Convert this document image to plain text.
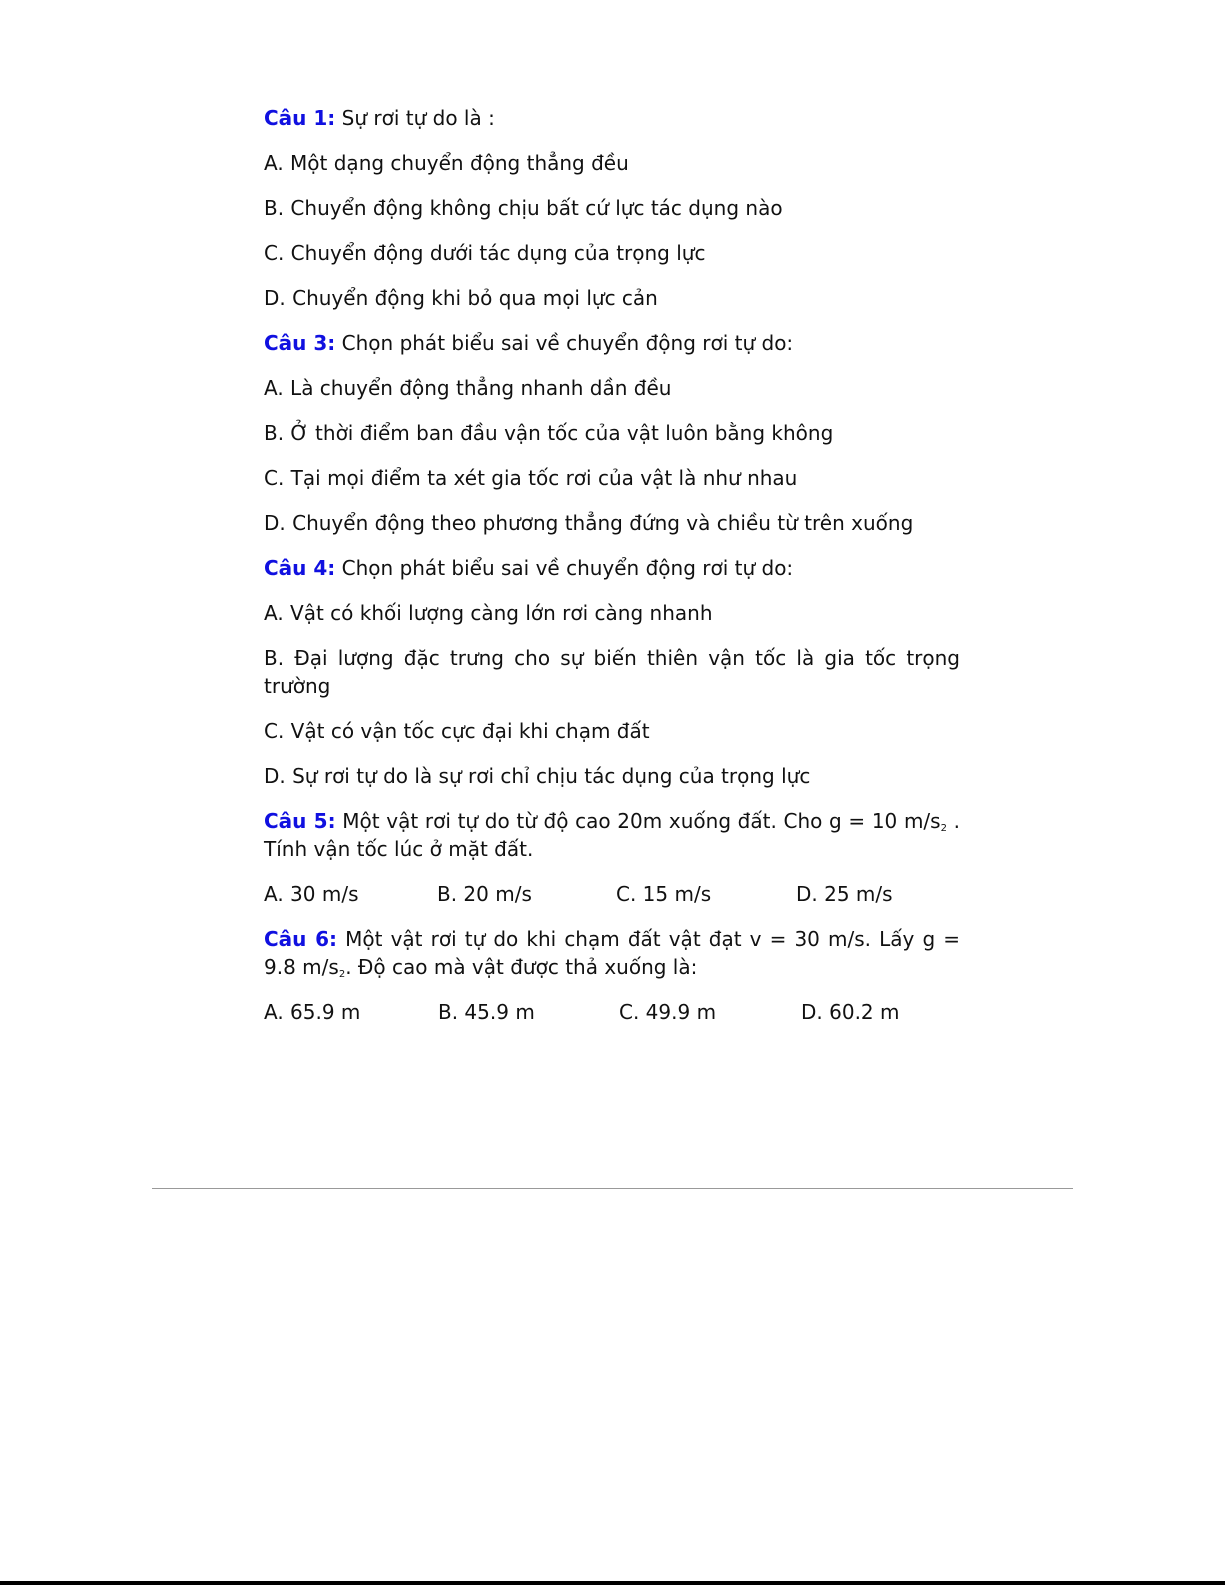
Câu 1: Sự rơi tự do là :

A. Một dạng chuyển động thẳng đều

B. Chuyển động không chịu bất cứ lực tác dụng nào

C. Chuyển động dưới tác dụng của trọng lực

D. Chuyển động khi bỏ qua mọi lực cản

Câu 3: Chọn phát biểu sai về chuyển động rơi tự do:

A. Là chuyển động thẳng nhanh dần đều

B. Ở thời điểm ban đầu vận tốc của vật luôn bằng không

C. Tại mọi điểm ta xét gia tốc rơi của vật là như nhau

D. Chuyển động theo phương thẳng đứng và chiều từ trên xuống

Câu 4: Chọn phát biểu sai về chuyển động rơi tự do:

A. Vật có khối lượng càng lớn rơi càng nhanh

B. Đại lượng đặc trưng cho sự biến thiên vận tốc là gia tốc trọng trường

C. Vật có vận tốc cực đại khi chạm đất

D. Sự rơi tự do là sự rơi chỉ chịu tác dụng của trọng lực

Câu 5: Một vật rơi tự do từ độ cao 20m xuống đất. Cho g = 10 $m/s_2$ . Tính vận tốc lúc ở mặt đất.

A. 30 m/s	B. 20 m/s	C. 15 m/s	D. 25 m/s

Câu 6: Một vật rơi tự do khi chạm đất vật đạt v = 30 m/s. Lấy g = 9.8 $m/s_2$. Độ cao mà vật được thả xuống là:

A. 65.9 m	B. 45.9 m	C. 49.9 m	D. 60.2 m
